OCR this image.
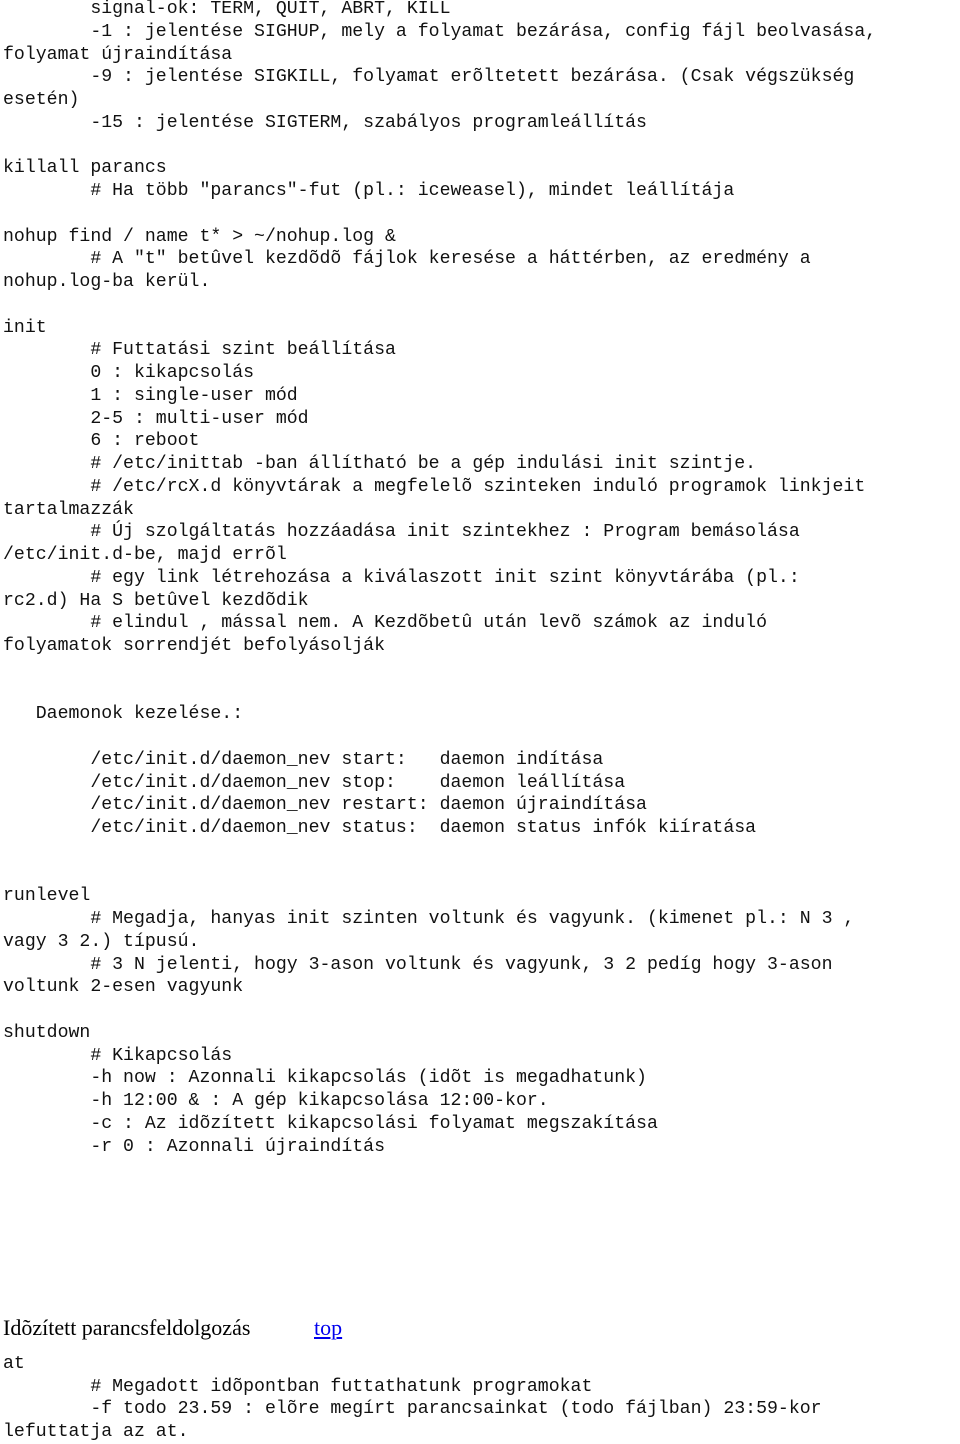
signal-ok: TERM, QUIT, ABRT, KILL
-1 : jelentése SIGHUP, mely a folyamat bezárása, config fájl beolvasása,
folyamat újraindítása
-9 : jelentése SIGKILL, folyamat erõltetett bezárása. (Csak végszükség
esetén)
-15 : jelentése SIGTERM, szabályos programleállítás
killall parancs
# Ha több "parancs"-fut (pl.: iceweasel), mindet leállítája
nohup find / name t* > ~/nohup.log &
# A "t" betûvel kezdõdõ fájlok keresése a háttérben, az eredmény a
nohup.log-ba kerül.
init
# Futtatási szint beállítása
0 : kikapcsolás
1 : single-user mód
2-5 : multi-user mód
6 : reboot
# /etc/inittab -ban állítható be a gép indulási init szintje.
# /etc/rcX.d könyvtárak a megfelelõ szinteken induló programok linkjeit
tartalmazzák
# Új szolgáltatás hozzáadása init szintekhez : Program bemásolása
/etc/init.d-be, majd errõl
# egy link létrehozása a kiválaszott init szint könyvtárába (pl.:
rc2.d) Ha S betûvel kezdõdik
# elindul , mással nem. A Kezdõbetû után levõ számok az induló
folyamatok sorrendjét befolyásolják
Daemonok kezelése.:
/etc/init.d/daemon_nev start:   daemon indítása
/etc/init.d/daemon_nev stop:    daemon leállítása
/etc/init.d/daemon_nev restart: daemon újraindítása
/etc/init.d/daemon_nev status:  daemon status infók kiíratása
runlevel
# Megadja, hanyas init szinten voltunk és vagyunk. (kimenet pl.: N 3 ,
vagy 3 2.) típusú.
# 3 N jelenti, hogy 3-ason voltunk és vagyunk, 3 2 pedíg hogy 3-ason
voltunk 2-esen vagyunk
shutdown
# Kikapcsolás
-h now : Azonnali kikapcsolás (idõt is megadhatunk)
-h 12:00 & : A gép kikapcsolása 12:00-kor.
-c : Az idõzített kikapcsolási folyamat megszakítása
-r 0 : Azonnali újraindítás
Idõzített parancsfeldolgozás	top
at
# Megadott idõpontban futtathatunk programokat
-f todo 23.59 : elõre megírt parancsainkat (todo fájlban) 23:59-kor
lefuttatja az at.
